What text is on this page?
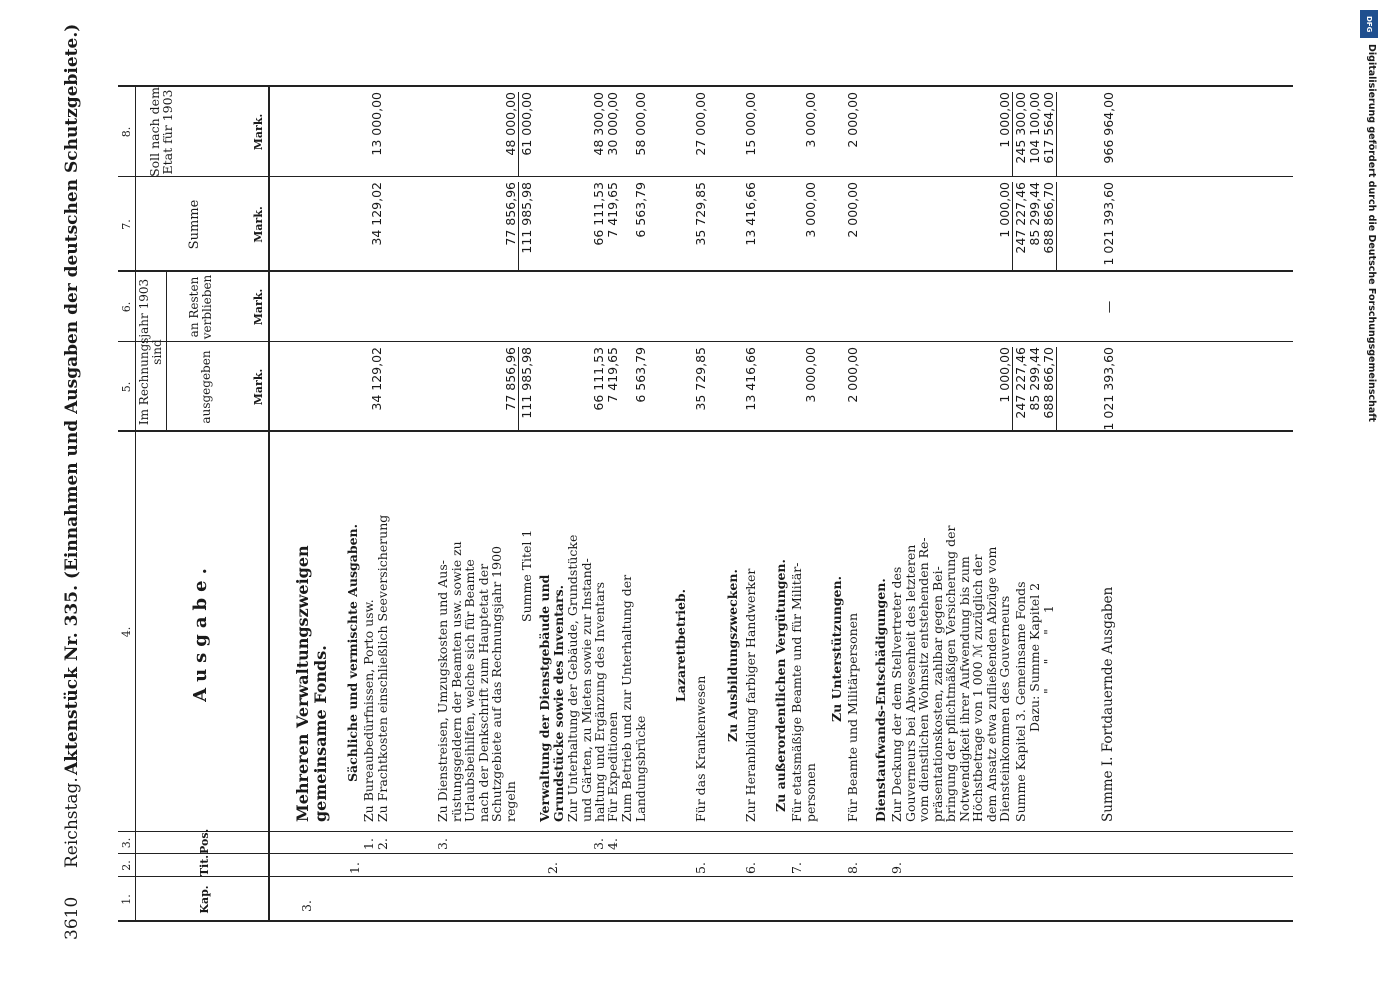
3610
Reichstag.
Aktenstück Nr. 335. (Einnahmen und Ausgaben der deutschen Schutzgebiete.)
1.
2.
3.
4.
5.
6.
7.
8.
Kap.
Tit.
Pos.
Ausgabe.
Im Rechnungsjahr 1903 sind	ausgegeben
an Resten verblieben
Summe
Soll nach dem Etat für 1903
Mark.
Mark.
Mark.
Mark.
3.
Mehreren Verwaltungszweigen gemeinsame Fonds.
1.
Sächliche und vermischte Ausgaben.
1.
Zu Bureaubedürfnissen, Porto usw.
2.
Zu Frachtkosten einschließlich Seeversicherung
34 129,02
34 129,02
13 000,00
3.
Zu Dienstreisen, Umzugskosten und Aus-
rüstungsgeldern der Beamten usw. sowie zu
Urlaubsbeihilfen, welche sich für Beamte
nach der Denkschrift zum Hauptetat der
Schutzgebiete auf das Rechnungsjahr 1900
regeln
77 856,96
77 856,96
48 000,00
Summe Titel 1
111 985,98
111 985,98
61 000,00
2.
Verwaltung der Dienstgebäude und
Grundstücke sowie des Inventars. Zur Unterhaltung der Gebäude, Grundstücke
und Gärten, zu Mieten sowie zur Instand-
haltung und Ergänzung des Inventars
66 111,53
66 111,53
48 300,00
3.
Für Expeditionen
4.
7 419,65
7 419,65
30 000,00
Zum Betrieb und zur Unterhaltung der
Landungsbrücke
6 563,79
6 563,79
58 000,00
5.
Lazarettbetrieb.
Für das Krankenwesen
35 729,85
35 729,85
27 000,00
6.
Zu Ausbildungszwecken. Zur Heranbildung farbiger Handwerker
13 416,66
13 416,66
15 000,00
7.
Zu außerordentlichen Vergütungen. Für etatsmäßige Beamte und für Militär-
personen
3 000,00
3 000,00
3 000,00
8.
Zu Unterstützungen. Für Beamte und Militärpersonen
2 000,00
2 000,00
2 000,00
9.
Dienstaufwands-Entschädigungen. Zur Deckung der dem Stellvertreter des
Gouverneurs bei Abwesenheit des letzteren
vom dienstlichen Wohnsitz entstehenden Re-
präsentationskosten, zahlbar gegen Bei-
bringung der pflichtmäßigen Versicherung der
Notwendigkeit ihrer Aufwendung bis zum
Höchstbetrage von 1 000 ℳ zuzüglich der
dem Ansatz etwa zufließenden Abzüge vom
Diensteinkommen des Gouverneurs
1 000,00
1 000,00
1 000,00
Summe Kapitel 3. Gemeinsame Fonds
247 227,46
247 227,46
245 300,00
Dazu: Summe Kapitel 2
85 299,44
85 299,44
104 100,00
"      "      "    1
688 866,70
688 866,70
617 564,00
Summe I. Fortdauernde Ausgaben
1 021 393,60
—
1 021 393,60
966 964,00
DFG
Digitalisierung gefördert durch die Deutsche Forschungsgemeinschaft
